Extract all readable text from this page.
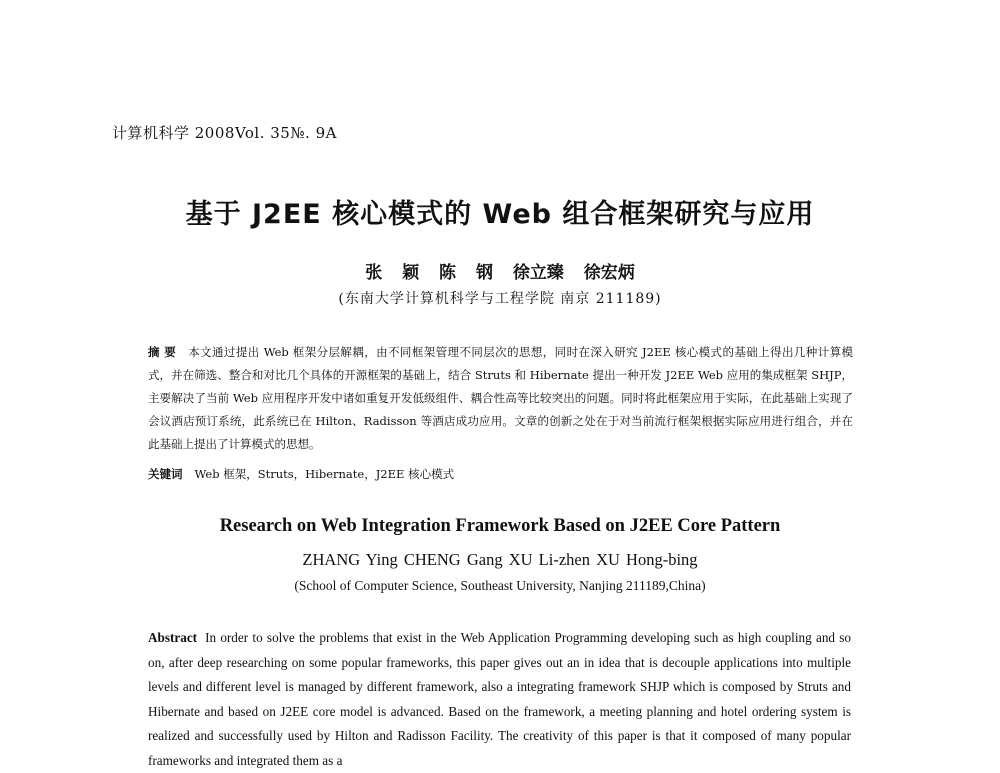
计算机科学 2008Vol. 35№. 9A
基于 J2EE 核心模式的 Web 组合框架研究与应用
张 颖 陈 钢 徐立臻 徐宏炳
(东南大学计算机科学与工程学院 南京 211189)
摘 要 本文通过提出 Web 框架分层解耦，由不同框架管理不同层次的思想，同时在深入研究 J2EE 核心模式的基础上得出几种计算模式，并在筛选、整合和对比几个具体的开源框架的基础上，结合 Struts 和 Hibernate 提出一种开发 J2EE Web 应用的集成框架 SHJP，主要解决了当前 Web 应用程序开发中诸如重复开发低级组件、耦合性高等比较突出的问题。同时将此框架应用于实际，在此基础上实现了会议酒店预订系统，此系统已在 Hilton、Radisson 等酒店成功应用。文章的创新之处在于对当前流行框架根据实际应用进行组合，并在此基础上提出了计算模式的思想。
关键词 Web 框架，Struts，Hibernate，J2EE 核心模式
Research on Web Integration Framework Based on J2EE Core Pattern
ZHANG Ying CHENG Gang XU Li-zhen XU Hong-bing
(School of Computer Science, Southeast University, Nanjing 211189,China)
Abstract In order to solve the problems that exist in the Web Application Programming developing such as high coupling and so on, after deep researching on some popular frameworks, this paper gives out an in idea that is decouple applications into multiple levels and different level is managed by different framework, also a integrating framework SHJP which is composed by Struts and Hibernate and based on J2EE core model is advanced. Based on the framework, a meeting planning and hotel ordering system is realized and successfully used by Hilton and Radisson Facility. The creativity of this paper is that it composed of many popular frameworks and integrated them as a
